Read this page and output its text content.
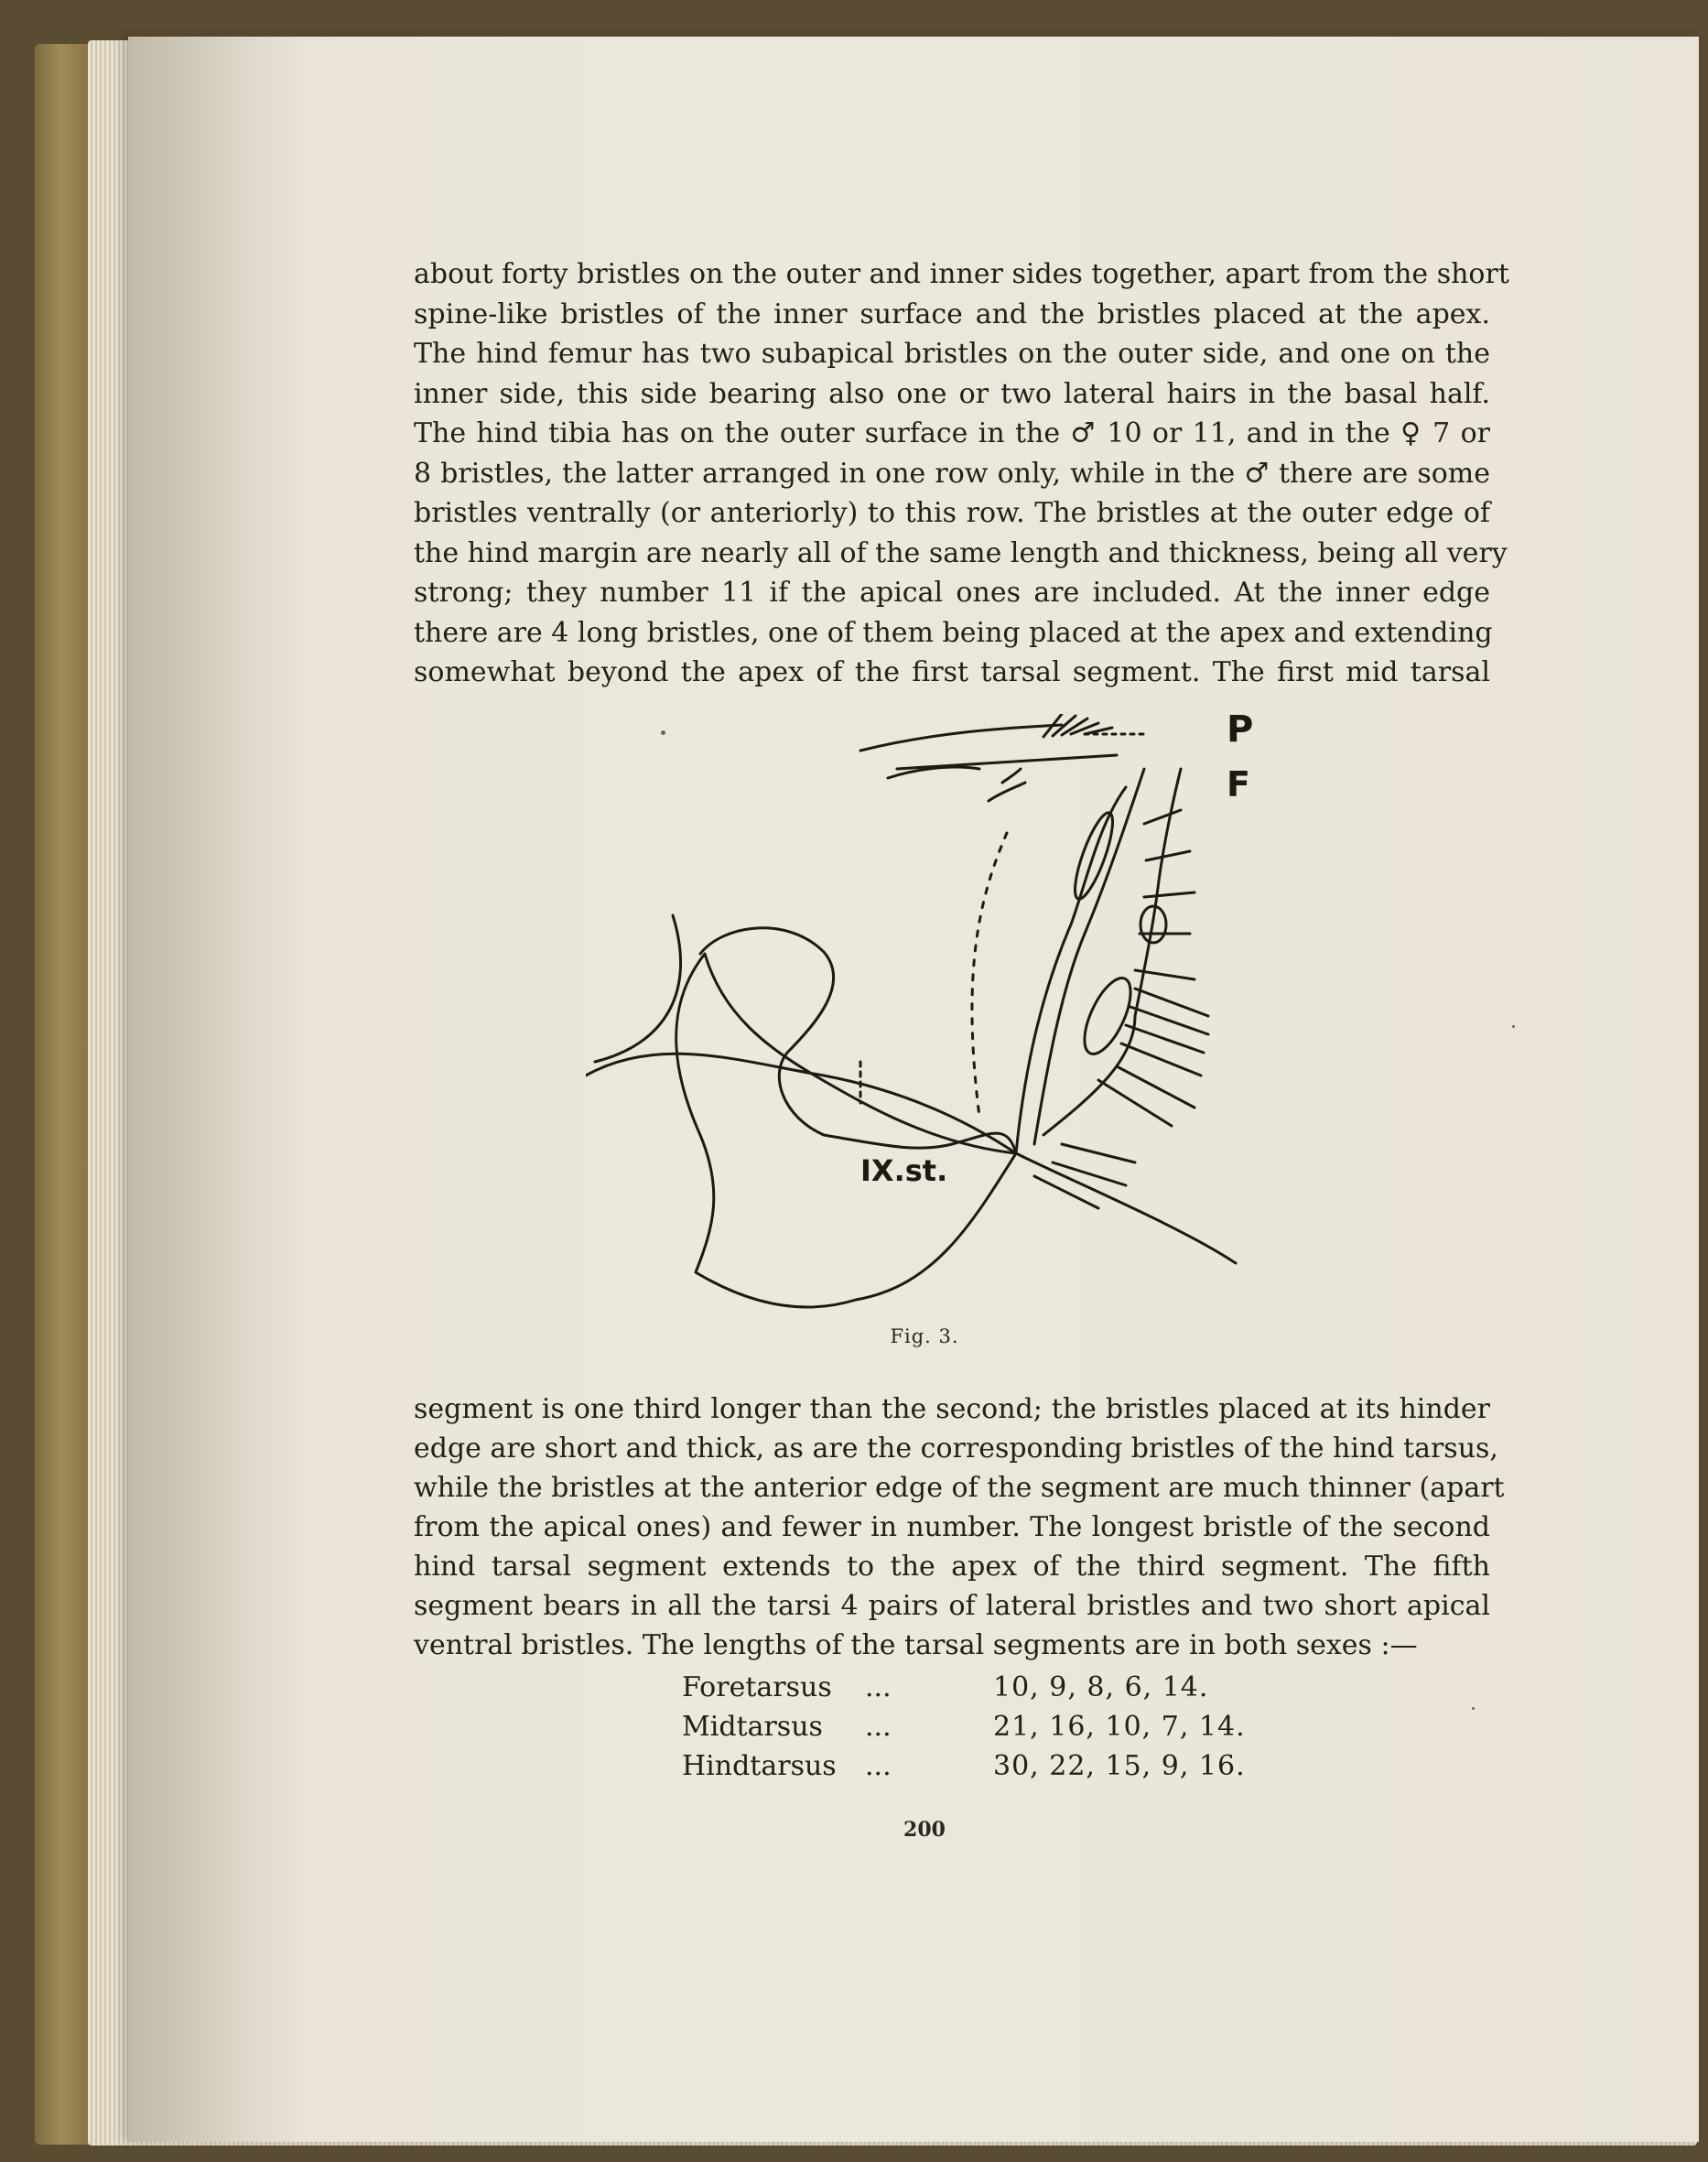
about forty bristles on the outer and inner sides together, apart from the short
spine-like bristles of the inner surface and the bristles placed at the apex.
The hind femur has two subapical bristles on the outer side, and one on the
inner side, this side bearing also one or two lateral hairs in the basal half.
The hind tibia has on the outer surface in the ♂ 10 or 11, and in the ♀ 7 or
8 bristles, the latter arranged in one row only, while in the ♂ there are some
bristles ventrally (or anteriorly) to this row. The bristles at the outer edge of
the hind margin are nearly all of the same length and thickness, being all very
strong; they number 11 if the apical ones are included. At the inner edge
there are 4 long bristles, one of them being placed at the apex and extending
somewhat beyond the apex of the first tarsal segment. The first mid tarsal
P
F
IX.st.
Fig. 3.
segment is one third longer than the second; the bristles placed at its hinder
edge are short and thick, as are the corresponding bristles of the hind tarsus,
while the bristles at the anterior edge of the segment are much thinner (apart
from the apical ones) and fewer in number. The longest bristle of the second
hind tarsal segment extends to the apex of the third segment. The fifth
segment bears in all the tarsi 4 pairs of lateral bristles and two short apical
ventral bristles. The lengths of the tarsal segments are in both sexes :—
Foretarsus	...	10, 9, 8, 6, 14.
Midtarsus	...	21, 16, 10, 7, 14.
Hindtarsus	...	30, 22, 15, 9, 16.
200
